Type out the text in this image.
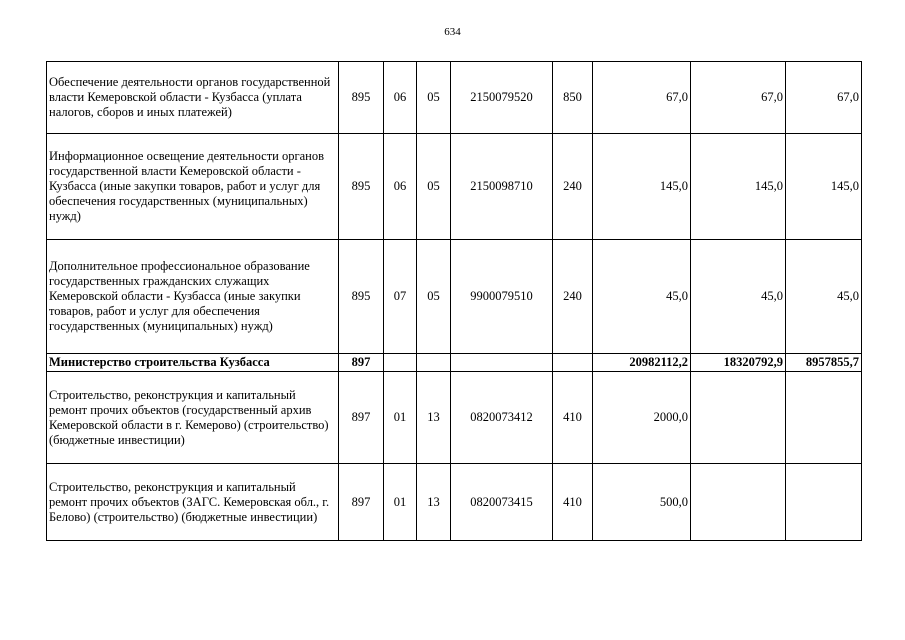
634
Обеспечение деятельности органов государственной власти Кемеровской области - Кузбасса (уплата налогов, сборов и иных платежей)	895	06	05	2150079520	850	67,0	67,0	67,0
Информационное освещение деятельности органов государственной власти Кемеровской области - Кузбасса (иные закупки товаров, работ и услуг для обеспечения государственных (муниципальных) нужд)	895	06	05	2150098710	240	145,0	145,0	145,0
Дополнительное профессиональное образование государственных гражданских служащих Кемеровской области - Кузбасса (иные закупки товаров, работ и услуг для обеспечения государственных (муниципальных) нужд)	895	07	05	9900079510	240	45,0	45,0	45,0
Министерство строительства Кузбасса	897					20982112,2	18320792,9	8957855,7
Строительство, реконструкция и капитальный ремонт прочих объектов (государственный архив Кемеровской области в г. Кемерово) (строительство) (бюджетные инвестиции)	897	01	13	0820073412	410	2000,0		
Строительство, реконструкция и капитальный ремонт прочих объектов (ЗАГС. Кемеровская обл., г. Белово) (строительство) (бюджетные инвестиции)	897	01	13	0820073415	410	500,0		
